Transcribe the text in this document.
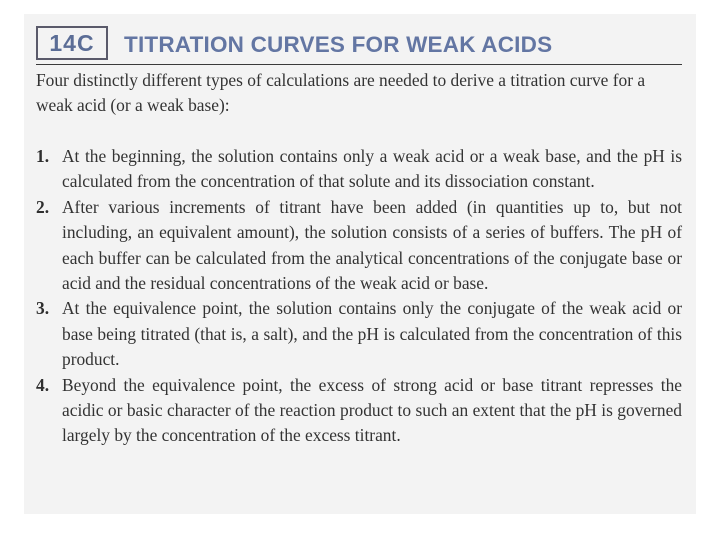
14C	TITRATION CURVES FOR WEAK ACIDS

Four distinctly different types of calculations are needed to derive a titration curve for a weak acid (or a weak base):

1. At the beginning, the solution contains only a weak acid or a weak base, and the pH is calculated from the concentration of that solute and its dissociation constant.
2. After various increments of titrant have been added (in quantities up to, but not including, an equivalent amount), the solution consists of a series of buffers. The pH of each buffer can be calculated from the analytical concentrations of the conjugate base or acid and the residual concentrations of the weak acid or base.
3. At the equivalence point, the solution contains only the conjugate of the weak acid or base being titrated (that is, a salt), and the pH is calculated from the concentration of this product.
4. Beyond the equivalence point, the excess of strong acid or base titrant represses the acidic or basic character of the reaction product to such an extent that the pH is governed largely by the concentration of the excess titrant.
